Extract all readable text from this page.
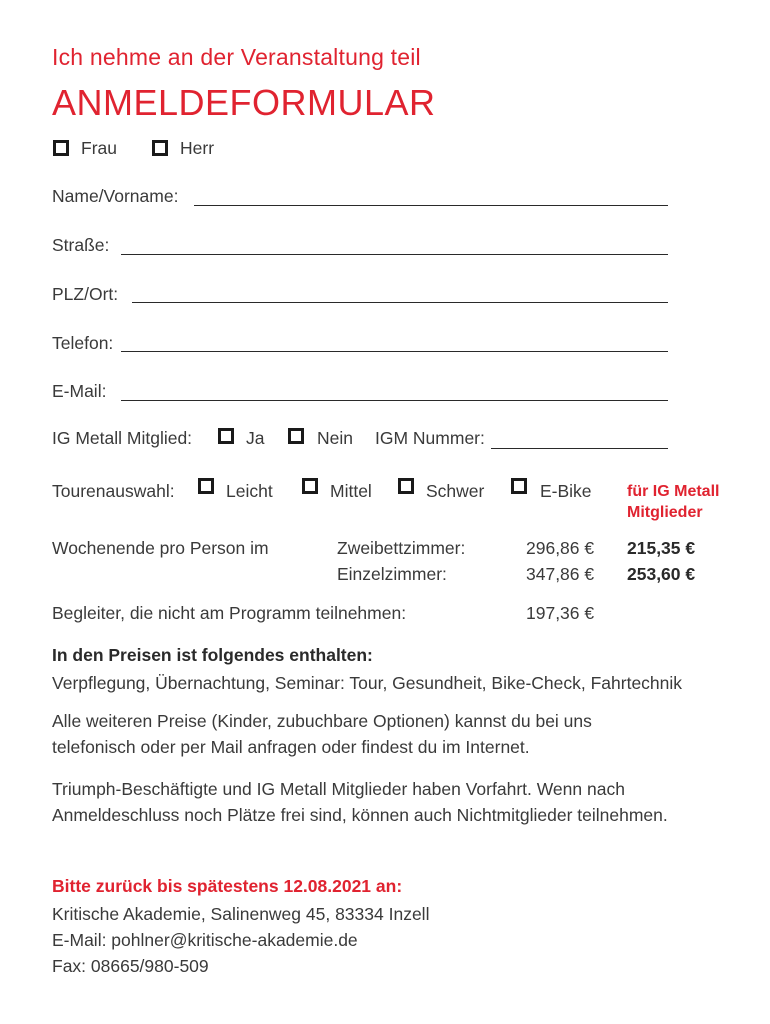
Ich nehme an der Veranstaltung teil
ANMELDEFORMULAR
Frau	Herr
Name/Vorname:
Straße:
PLZ/Ort:
Telefon:
E-Mail:
IG Metall Mitglied:	Ja	Nein IGM Nummer:
Tourenauswahl:	Leicht	Mittel	Schwer	E-Bike für IG Metall
Mitglieder
Wochenende pro Person im	Zweibettzimmer:	296,86 € 215,35 €
Einzelzimmer:	347,86 € 253,60 €
Begleiter, die nicht am Programm teilnehmen:	197,36 €
In den Preisen ist folgendes enthalten:
Verpflegung, Übernachtung, Seminar: Tour, Gesundheit, Bike-Check, Fahrtechnik
Alle weiteren Preise (Kinder, zubuchbare Optionen) kannst du bei uns
telefonisch oder per Mail anfragen oder findest du im Internet.
Triumph-Beschäftigte und IG Metall Mitglieder haben Vorfahrt. Wenn nach
Anmeldeschluss noch Plätze frei sind, können auch Nichtmitglieder teilnehmen.
Bitte zurück bis spätestens 12.08.2021 an:
Kritische Akademie, Salinenweg 45, 83334 Inzell
E-Mail: pohlner@kritische-akademie.de
Fax: 08665/980-509
